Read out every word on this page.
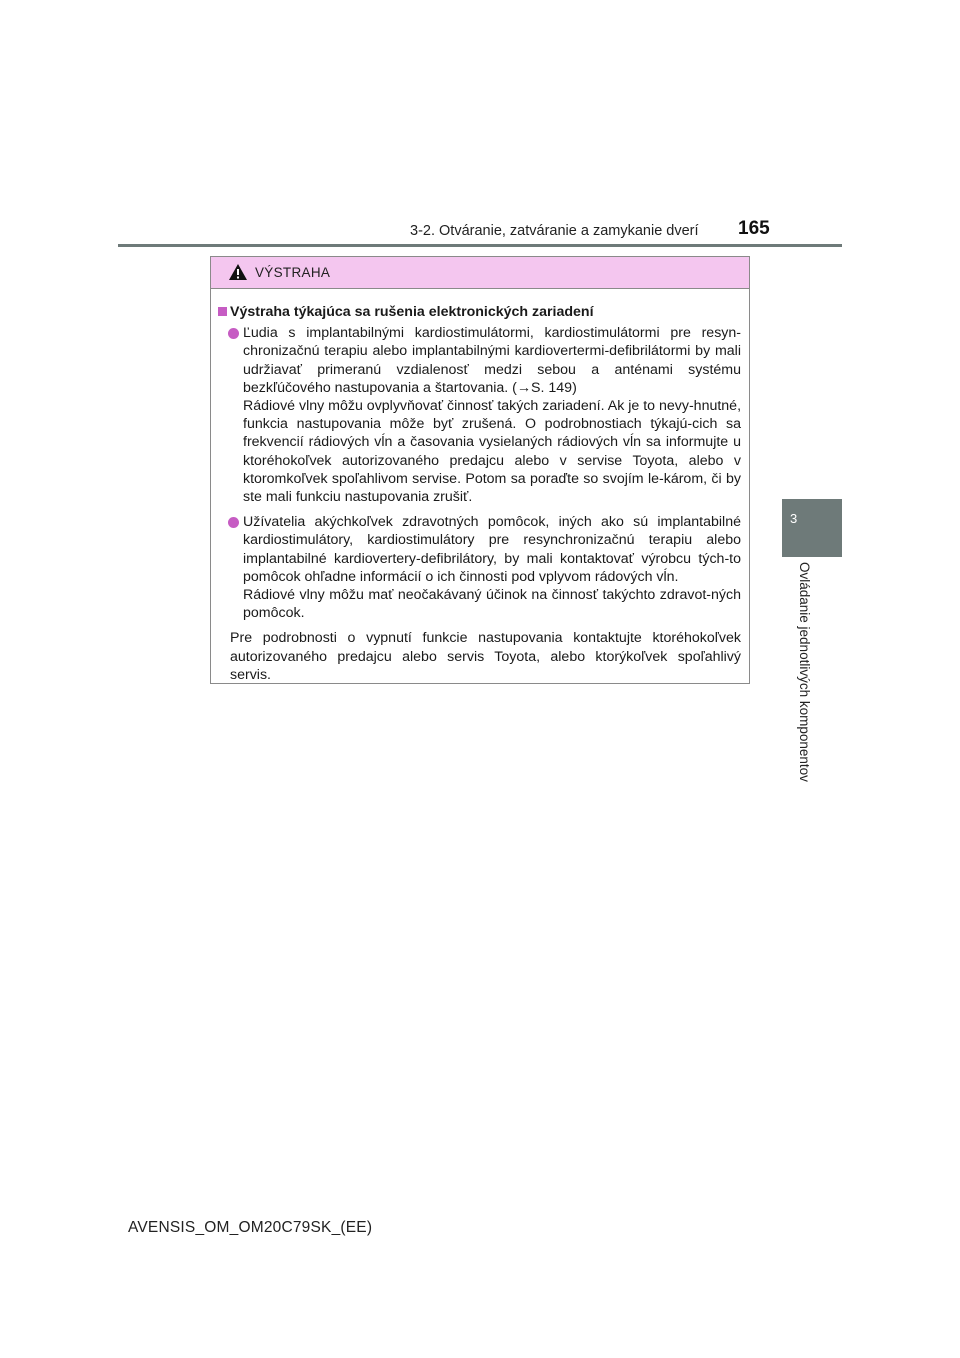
3-2. Otváranie, zatváranie a zamykanie dverí 165
3
Ovládanie jednotlivých komponentov
VÝSTRAHA
Výstraha týkajúca sa rušenia elektronických zariadení

Ľudia s implantabilnými kardiostimulátormi, kardiostimulátormi pre resyn-chronizačnú terapiu alebo implantabilnými kardiovertermi-defibrilátormi by mali udržiavať primeranú vzdialenosť medzi sebou a anténami systému bezkľúčového nastupovania a štartovania. (→S. 149)

Rádiové vlny môžu ovplyvňovať činnosť takých zariadení. Ak je to nevy-hnutné, funkcia nastupovania môže byť zrušená. O podrobnostiach týkajú-cich sa frekvencií rádiových vĺn a časovania vysielaných rádiových vĺn sa informujte u ktoréhokoľvek autorizovaného predajcu alebo v servise Toyota, alebo v ktoromkoľvek spoľahlivom servise. Potom sa poraďte so svojím le-károm, či by ste mali funkciu nastupovania zrušiť.

Užívatelia akýchkoľvek zdravotných pomôcok, iných ako sú implantabilné kardiostimulátory, kardiostimulátory pre resynchronizačnú terapiu alebo implantabilné kardiovertery-defibrilátory, by mali kontaktovať výrobcu tých-to pomôcok ohľadne informácií o ich činnosti pod vplyvom rádových vĺn.

Rádiové vlny môžu mať neočakávaný účinok na činnosť takýchto zdravot-ných pomôcok.

Pre podrobnosti o vypnutí funkcie nastupovania kontaktujte ktoréhokoľvek autorizovaného predajcu alebo servis Toyota, alebo ktorýkoľvek spoľahlivý servis.

AVENSIS_OM_OM20C79SK_(EE)
